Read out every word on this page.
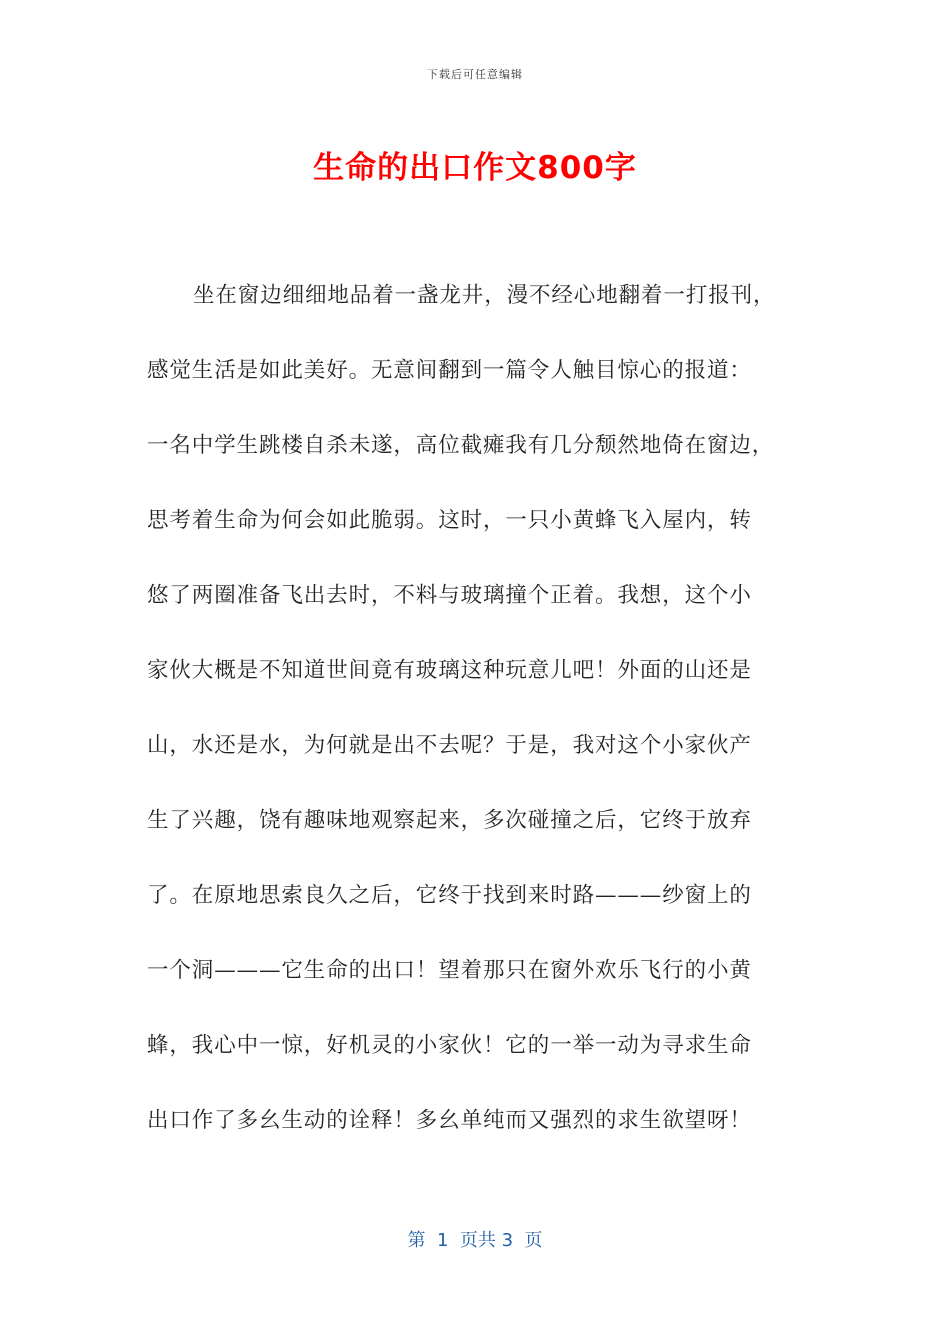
下载后可任意编辑
生命的出口作文800字
坐在窗边细细地品着一盏龙井，漫不经心地翻着一打报刊，
感觉生活是如此美好。无意间翻到一篇令人触目惊心的报道：
一名中学生跳楼自杀未遂，高位截瘫我有几分颓然地倚在窗边，
思考着生命为何会如此脆弱。这时，一只小黄蜂飞入屋内，转
悠了两圈准备飞出去时，不料与玻璃撞个正着。我想，这个小
家伙大概是不知道世间竟有玻璃这种玩意儿吧！外面的山还是
山，水还是水，为何就是出不去呢？于是，我对这个小家伙产
生了兴趣，饶有趣味地观察起来，多次碰撞之后，它终于放弃
了。在原地思索良久之后，它终于找到来时路———纱窗上的
一个洞———它生命的出口！望着那只在窗外欢乐飞行的小黄
蜂，我心中一惊，好机灵的小家伙！它的一举一动为寻求生命
出口作了多幺生动的诠释！多幺单纯而又强烈的求生欲望呀！
第  1  页共 3  页
